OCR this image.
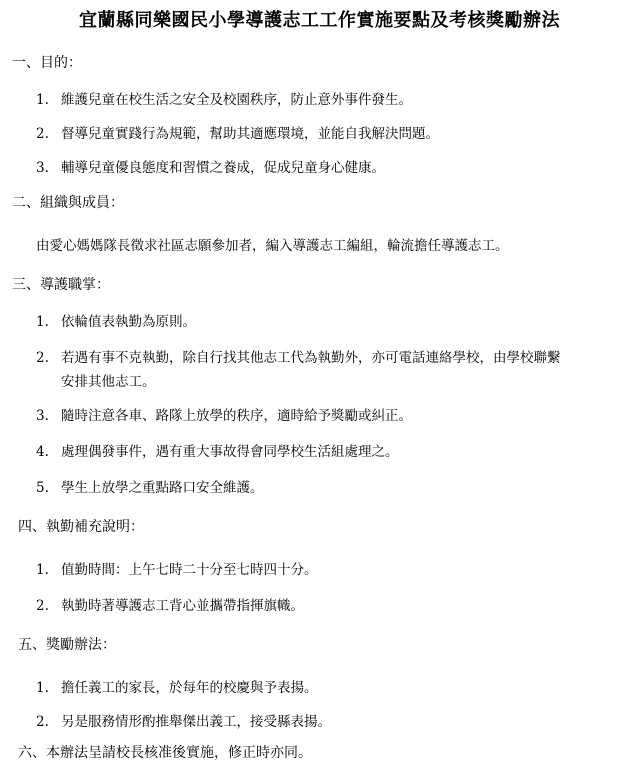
宜蘭縣同樂國民小學導護志工工作實施要點及考核獎勵辦法
一、目的：
1. 維護兒童在校生活之安全及校園秩序，防止意外事件發生。
2. 督導兒童實踐行為規範，幫助其適應環境，並能自我解決問題。
3. 輔導兒童優良態度和習慣之養成，促成兒童身心健康。
二、組織與成員：
由愛心媽媽隊長徵求社區志願參加者，編入導護志工編組，輪流擔任導護志工。
三、導護職掌：
1. 依輪值表執勤為原則。
2. 若遇有事不克執勤，除自行找其他志工代為執勤外，亦可電話連絡學校，由學校聯繫
安排其他志工。
3. 隨時注意各車、路隊上放學的秩序，適時給予獎勵或糾正。
4. 處理偶發事件，遇有重大事故得會同學校生活組處理之。
5. 學生上放學之重點路口安全維護。
四、執勤補充說明：
1. 值勤時間：上午七時二十分至七時四十分。
2. 執勤時著導護志工背心並攜帶指揮旗幟。
五、獎勵辦法：
1. 擔任義工的家長，於每年的校慶與予表揚。
2. 另是服務情形酌推舉傑出義工，接受縣表揚。
六、本辦法呈請校長核准後實施，修正時亦同。
